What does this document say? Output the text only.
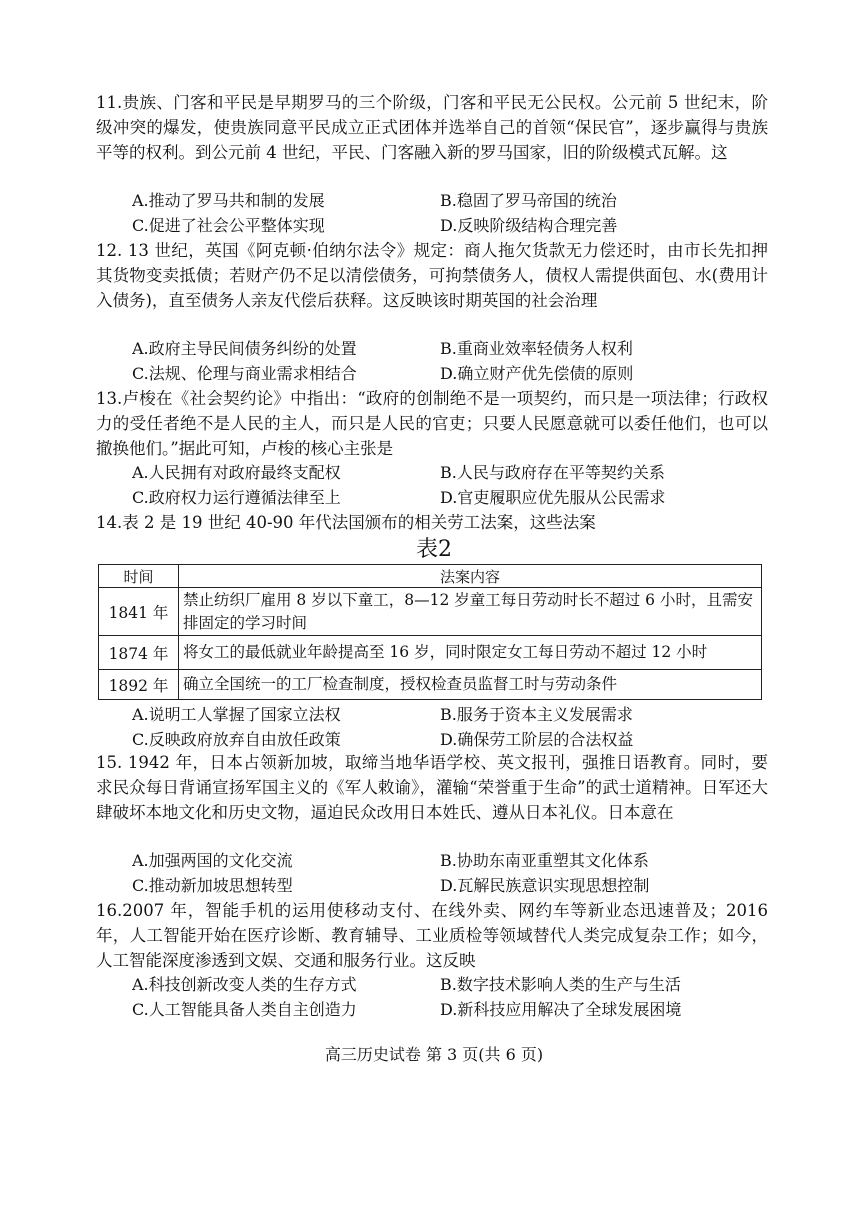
11.贵族、门客和平民是早期罗马的三个阶级，门客和平民无公民权。公元前 5 世纪末，阶级冲突的爆发，使贵族同意平民成立正式团体并选举自己的首领“保民官”，逐步赢得与贵族平等的权利。到公元前 4 世纪，平民、门客融入新的罗马国家，旧的阶级模式瓦解。这
A.推动了罗马共和制的发展	B.稳固了罗马帝国的统治
C.促进了社会公平整体实现	D.反映阶级结构合理完善
12. 13 世纪，英国《阿克顿·伯纳尔法令》规定：商人拖欠货款无力偿还时，由市长先扣押其货物变卖抵债；若财产仍不足以清偿债务，可拘禁债务人，债权人需提供面包、水(费用计入债务)，直至债务人亲友代偿后获释。这反映该时期英国的社会治理
A.政府主导民间债务纠纷的处置	B.重商业效率轻债务人权利
C.法规、伦理与商业需求相结合	D.确立财产优先偿债的原则
13.卢梭在《社会契约论》中指出：“政府的创制绝不是一项契约，而只是一项法律；行政权力的受任者绝不是人民的主人，而只是人民的官吏；只要人民愿意就可以委任他们，也可以撤换他们。”据此可知，卢梭的核心主张是
A.人民拥有对政府最终支配权	B.人民与政府存在平等契约关系
C.政府权力运行遵循法律至上	D.官吏履职应优先服从公民需求
14.表 2 是 19 世纪 40-90 年代法国颁布的相关劳工法案，这些法案
表2
时间	法案内容
1841 年	禁止纺织厂雇用 8 岁以下童工，8—12 岁童工每日劳动时长不超过 6 小时，且需安排固定的学习时间
1874 年	将女工的最低就业年龄提高至 16 岁，同时限定女工每日劳动不超过 12 小时
1892 年	确立全国统一的工厂检查制度，授权检查员监督工时与劳动条件
A.说明工人掌握了国家立法权	B.服务于资本主义发展需求
C.反映政府放弃自由放任政策	D.确保劳工阶层的合法权益
15. 1942 年，日本占领新加坡，取缔当地华语学校、英文报刊，强推日语教育。同时，要求民众每日背诵宣扬军国主义的《军人敕谕》，灌输“荣誉重于生命”的武士道精神。日军还大肆破坏本地文化和历史文物，逼迫民众改用日本姓氏、遵从日本礼仪。日本意在
A.加强两国的文化交流	B.协助东南亚重塑其文化体系
C.推动新加坡思想转型	D.瓦解民族意识实现思想控制
16.2007 年，智能手机的运用使移动支付、在线外卖、网约车等新业态迅速普及；2016 年，人工智能开始在医疗诊断、教育辅导、工业质检等领域替代人类完成复杂工作；如今，人工智能深度渗透到文娱、交通和服务行业。这反映
A.科技创新改变人类的生存方式	B.数字技术影响人类的生产与生活
C.人工智能具备人类自主创造力	D.新科技应用解决了全球发展困境
高三历史试卷 第 3 页(共 6 页)
